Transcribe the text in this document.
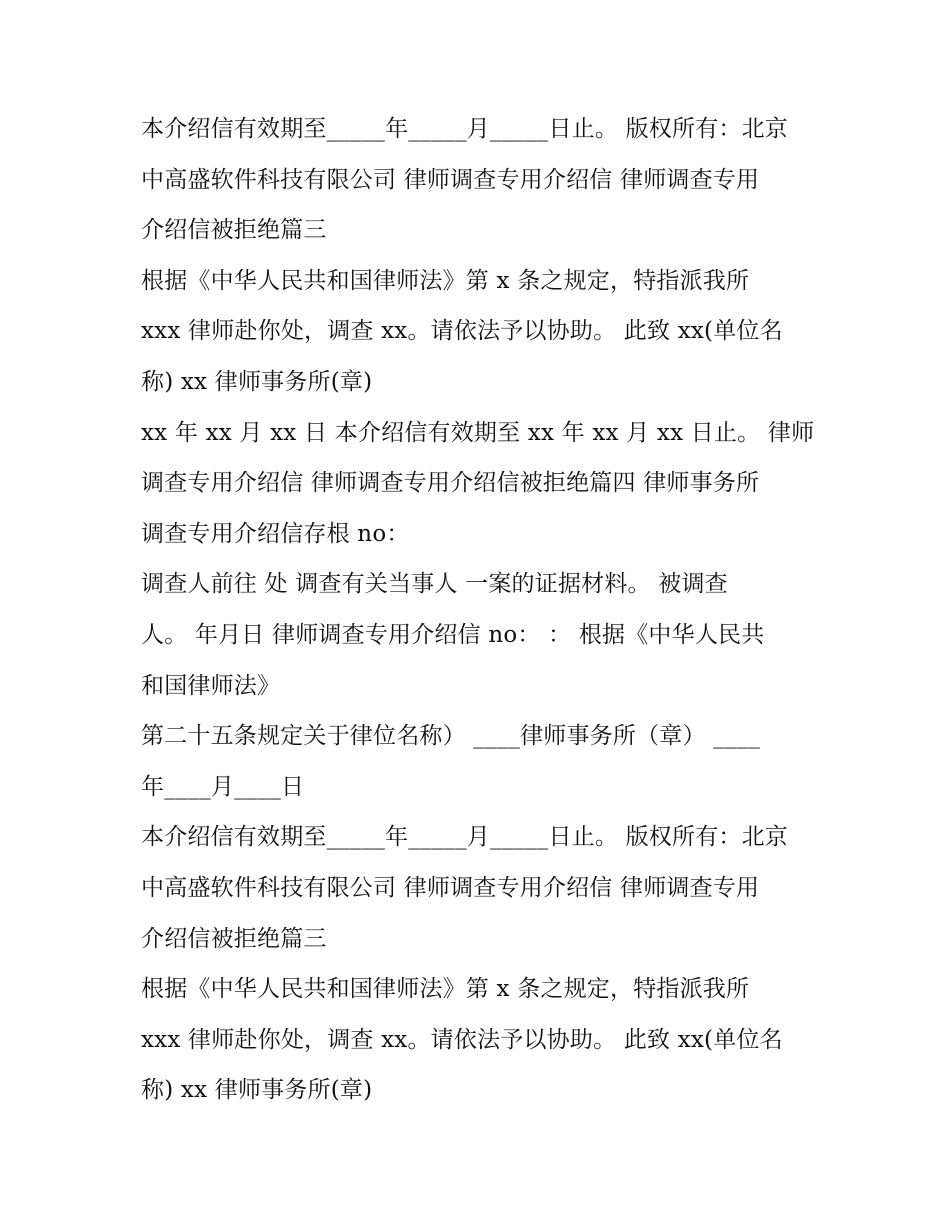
本介绍信有效期至_____年_____月_____日止。 版权所有：北京

中高盛软件科技有限公司 律师调查专用介绍信 律师调查专用

介绍信被拒绝篇三

根据《中华人民共和国律师法》第 x 条之规定，特指派我所

xxx 律师赴你处，调查 xx。请依法予以协助。 此致 xx(单位名

称) xx 律师事务所(章)

xx 年 xx 月 xx 日 本介绍信有效期至 xx 年 xx 月 xx 日止。 律师

调查专用介绍信 律师调查专用介绍信被拒绝篇四 律师事务所

调查专用介绍信存根 no：

调查人前往 处 调查有关当事人 一案的证据材料。 被调查

人。 年月日 律师调查专用介绍信 no： ： 根据《中华人民共

和国律师法》

第二十五条规定关于律位名称） ____律师事务所（章） ____

年____月____日

本介绍信有效期至_____年_____月_____日止。 版权所有：北京

中高盛软件科技有限公司 律师调查专用介绍信 律师调查专用

介绍信被拒绝篇三

根据《中华人民共和国律师法》第 x 条之规定，特指派我所

xxx 律师赴你处，调查 xx。请依法予以协助。 此致 xx(单位名

称) xx 律师事务所(章)
